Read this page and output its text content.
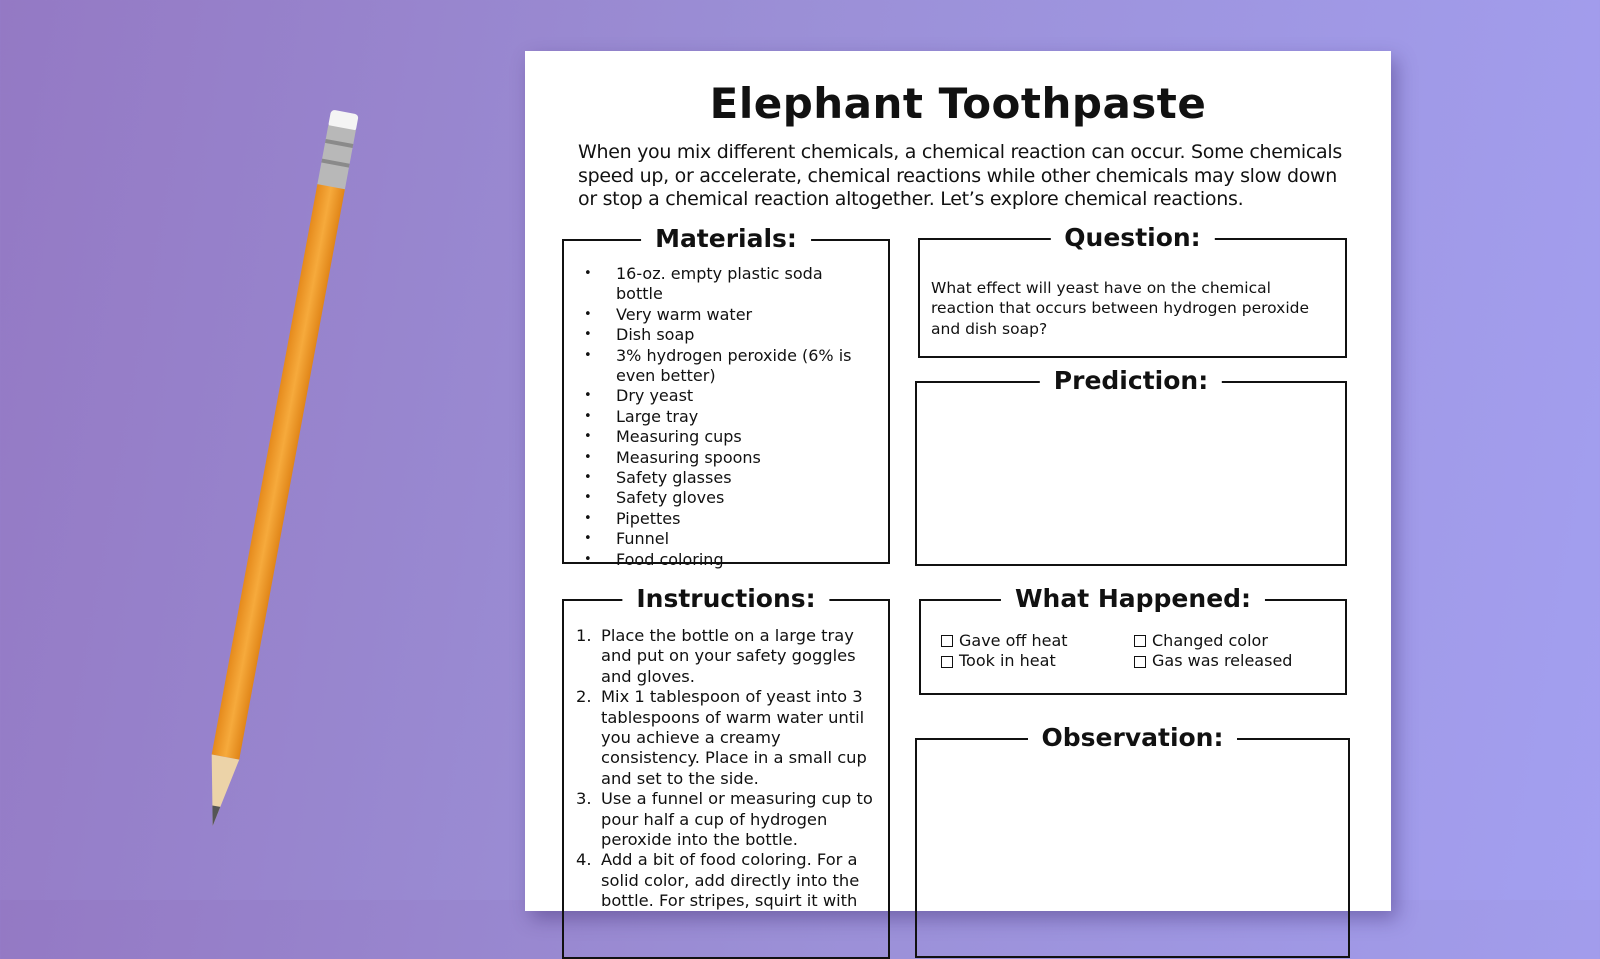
Elephant Toothpaste
When you mix different chemicals, a chemical reaction can occur. Some chemicals speed up, or accelerate, chemical reactions while other chemicals may slow down or stop a chemical reaction altogether. Let’s explore chemical reactions.
Materials:
• 16-oz. empty plastic soda bottle
• Very warm water
• Dish soap
• 3% hydrogen peroxide (6% is even better)
• Dry yeast
• Large tray
• Measuring cups
• Measuring spoons
• Safety glasses
• Safety gloves
• Pipettes
• Funnel
• Food coloring
Question:
What effect will yeast have on the chemical reaction that occurs between hydrogen peroxide and dish soap?
Prediction:
Instructions:
1. Place the bottle on a large tray and put on your safety goggles and gloves.
2. Mix 1 tablespoon of yeast into 3 tablespoons of warm water until you achieve a creamy consistency. Place in a small cup and set to the side.
3. Use a funnel or measuring cup to pour half a cup of hydrogen peroxide into the bottle.
4. Add a bit of food coloring. For a solid color, add directly into the bottle. For stripes, squirt it with
What Happened:
Gave off heat	Changed color
Took in heat	Gas was released
Observation:
